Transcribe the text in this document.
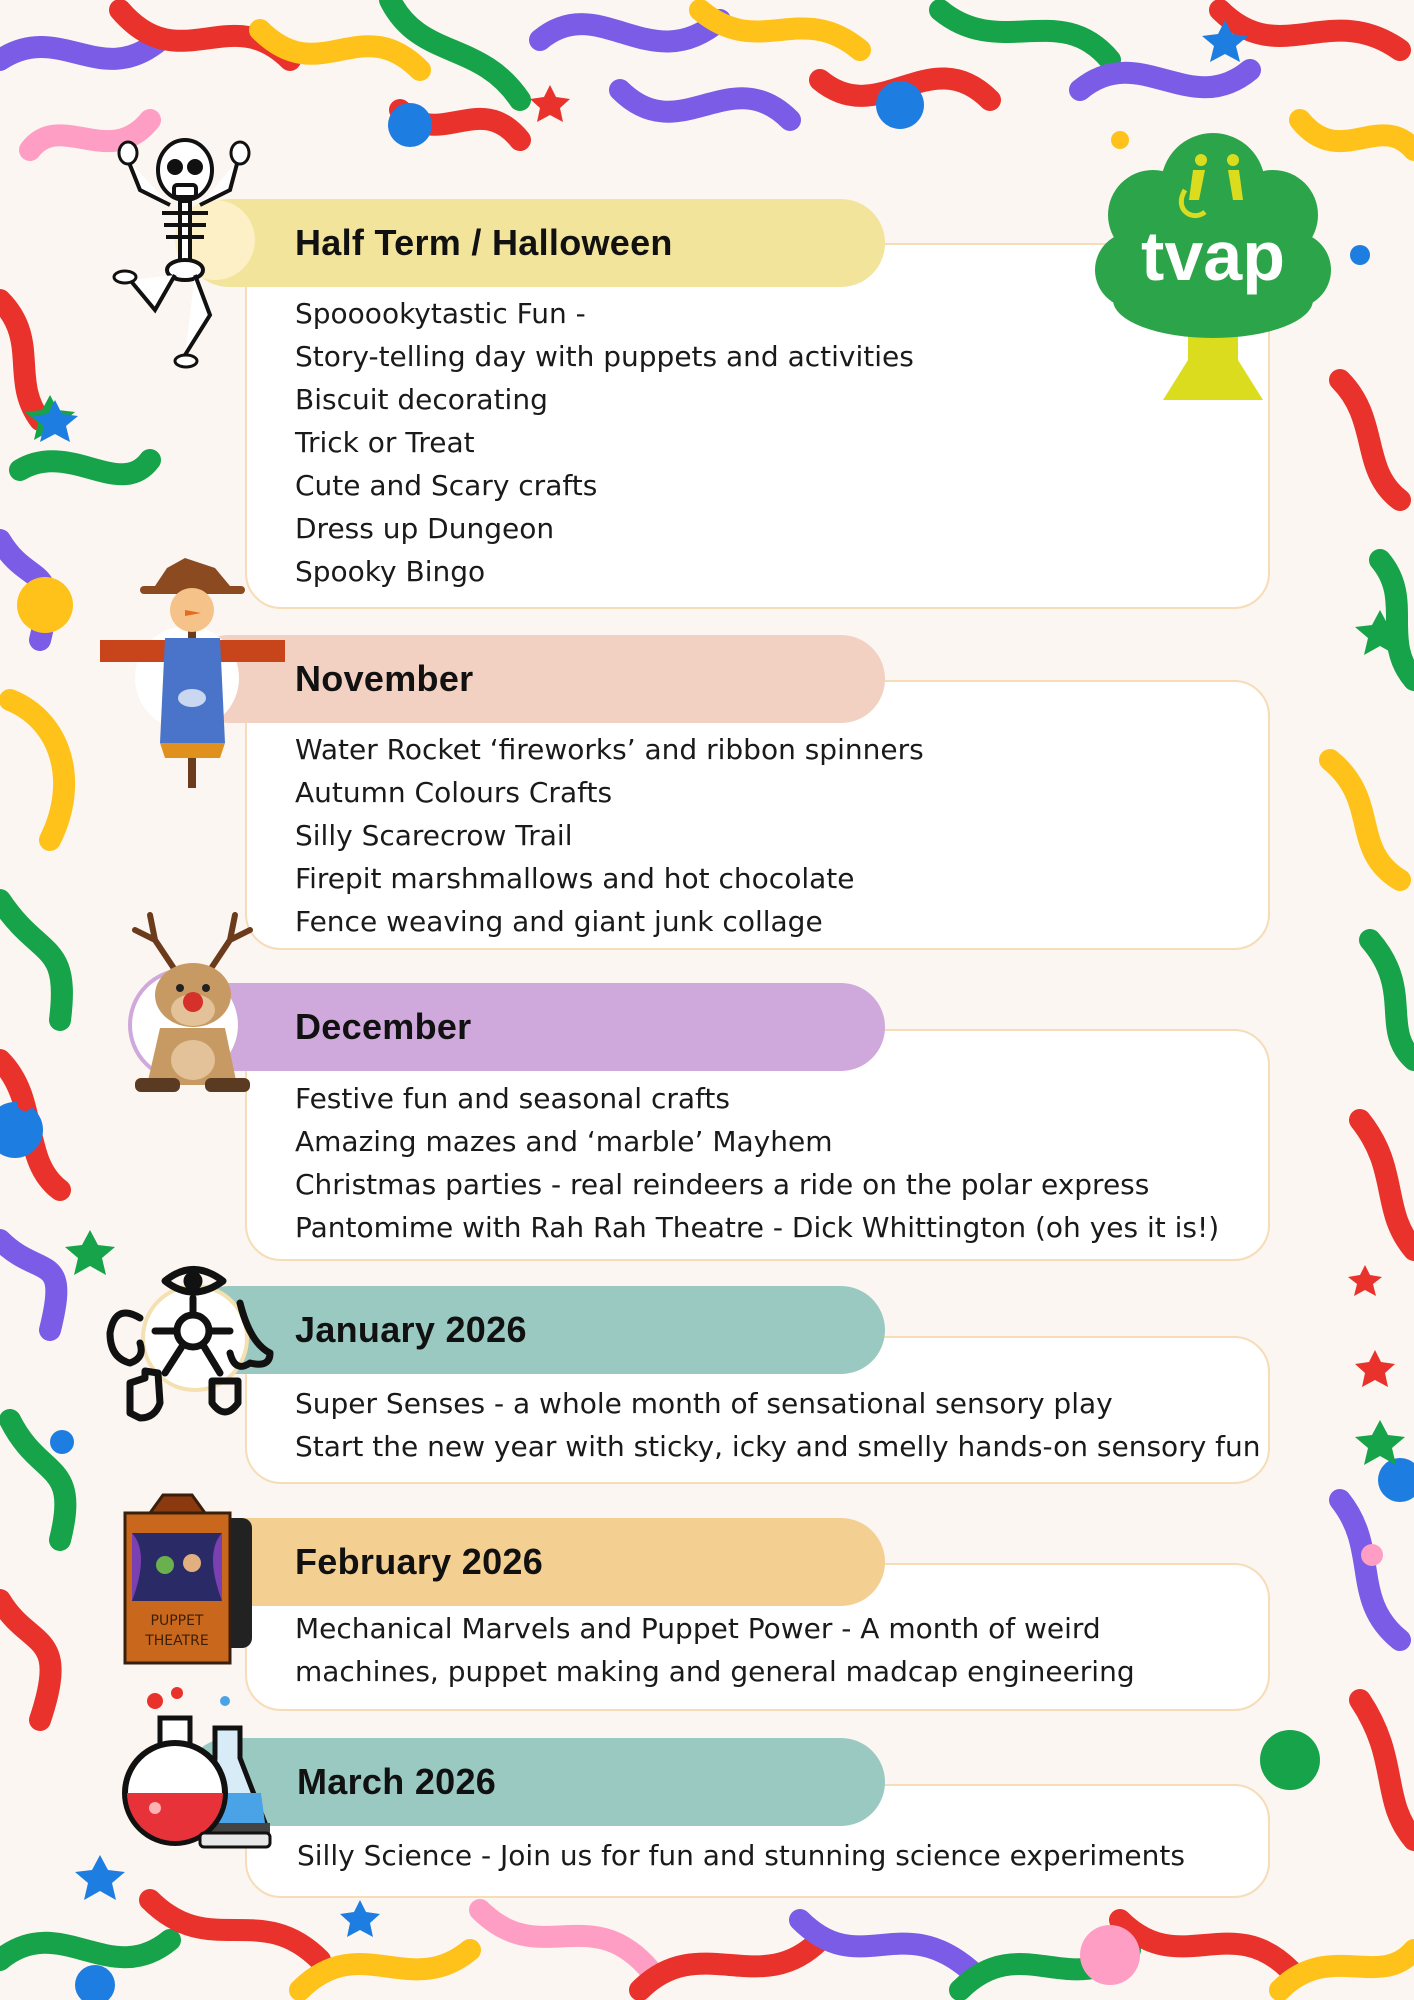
tvap
Half Term / Halloween
Spooookytastic Fun -
Story-telling day with puppets and activities
Biscuit decorating
Trick or Treat
Cute and Scary crafts
Dress up Dungeon
Spooky Bingo
November
Water Rocket ‘fireworks’ and ribbon spinners
Autumn Colours Crafts
Silly Scarecrow Trail
Firepit marshmallows and hot chocolate
Fence weaving and giant junk collage
December
Festive fun and seasonal crafts
Amazing mazes and ‘marble’ Mayhem
Christmas parties - real reindeers a ride on the polar express
Pantomime with Rah Rah Theatre - Dick Whittington (oh yes it is!)
January 2026
Super Senses - a whole month of sensational sensory play
Start the new year with sticky, icky and smelly hands-on sensory fun
February 2026
Mechanical Marvels and Puppet Power - A month of weird
machines, puppet making and general madcap engineering
March 2026
Silly Science - Join us for fun and stunning science experiments
PUPPET
THEATRE
